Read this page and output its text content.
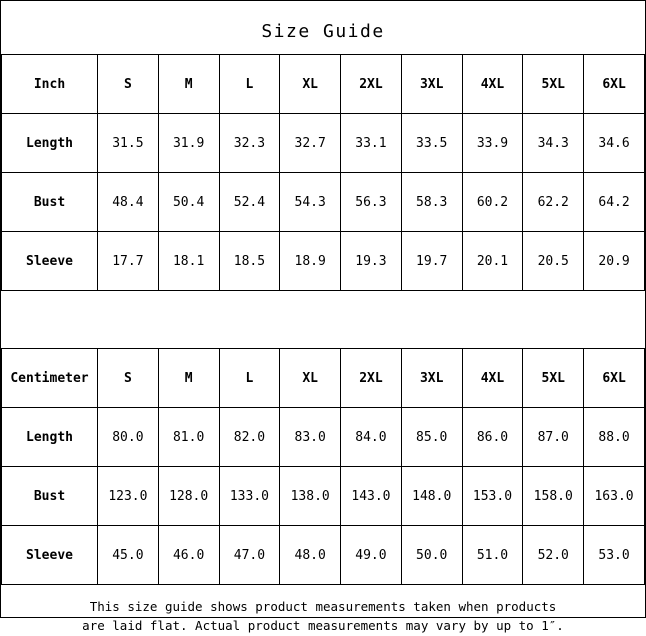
Size Guide
Inch	S	M	L	XL	2XL	3XL	4XL	5XL	6XL
Length	31.5	31.9	32.3	32.7	33.1	33.5	33.9	34.3	34.6
Bust	48.4	50.4	52.4	54.3	56.3	58.3	60.2	62.2	64.2
Sleeve	17.7	18.1	18.5	18.9	19.3	19.7	20.1	20.5	20.9
Centimeter	S	M	L	XL	2XL	3XL	4XL	5XL	6XL
Length	80.0	81.0	82.0	83.0	84.0	85.0	86.0	87.0	88.0
Bust	123.0	128.0	133.0	138.0	143.0	148.0	153.0	158.0	163.0
Sleeve	45.0	46.0	47.0	48.0	49.0	50.0	51.0	52.0	53.0
This size guide shows product measurements taken when products
are laid flat. Actual product measurements may vary by up to 1″.
